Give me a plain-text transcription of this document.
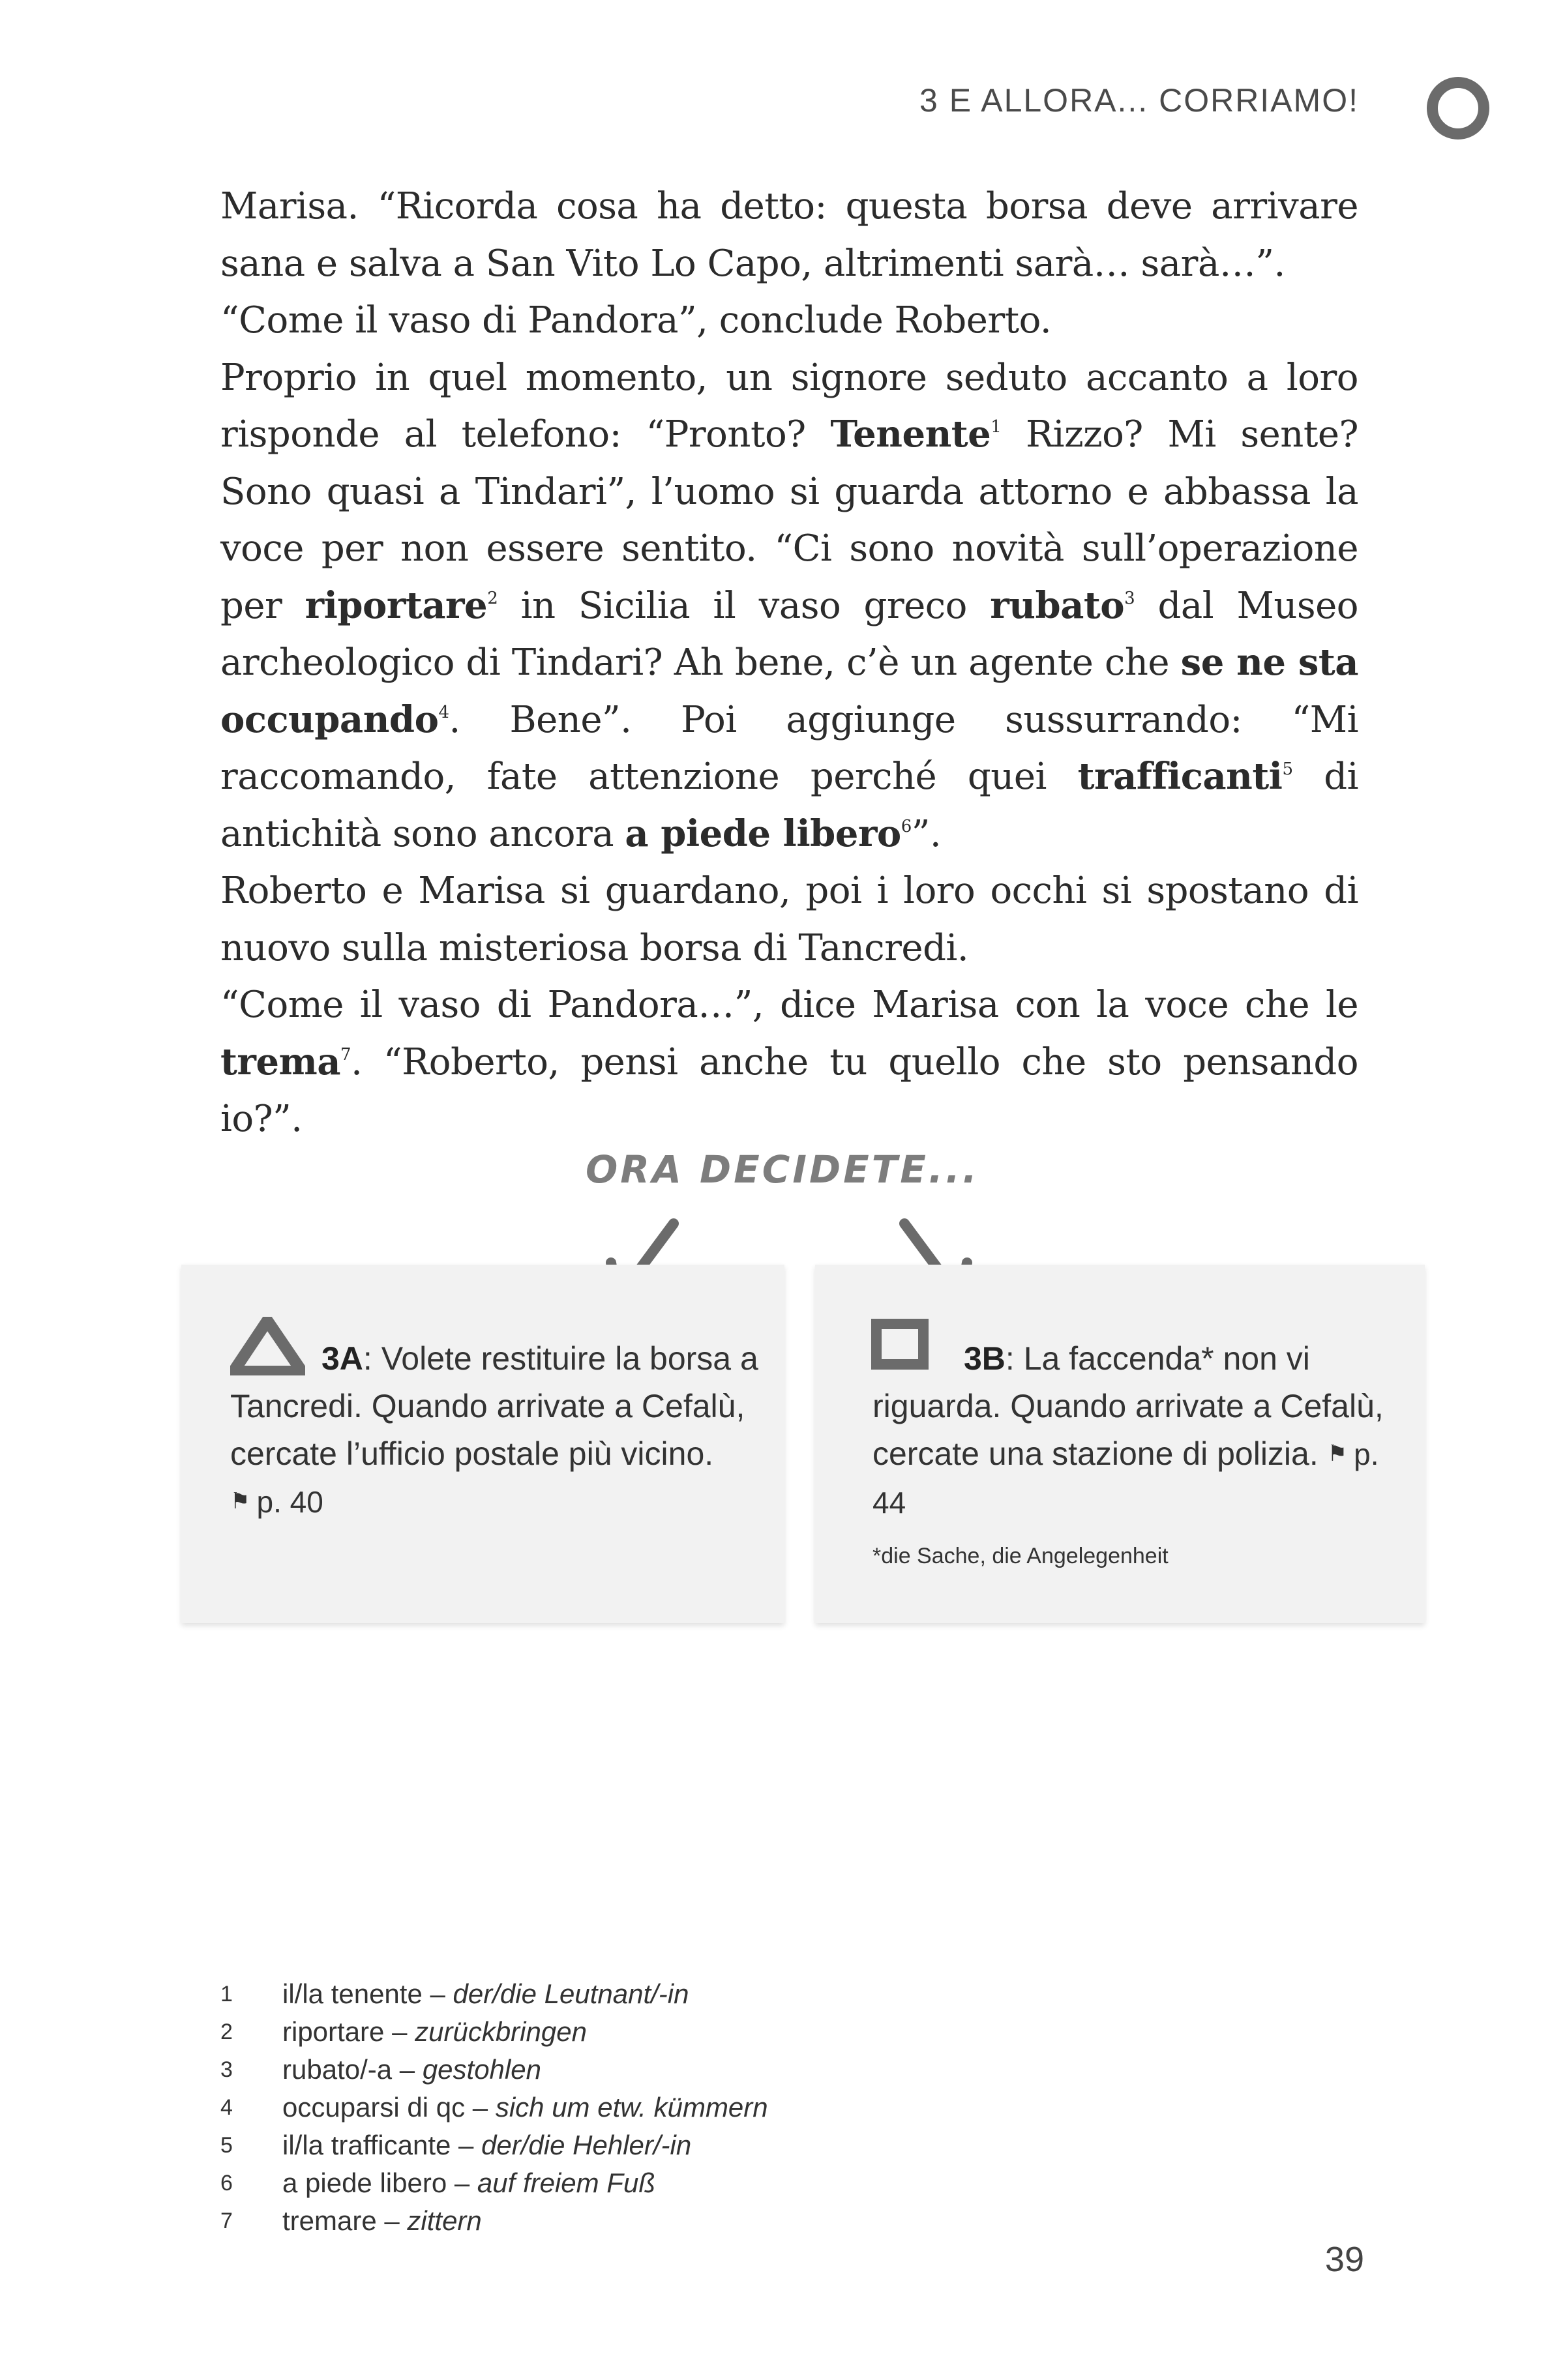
3 E ALLORA... CORRIAMO!

Marisa. “Ricorda cosa ha detto: questa borsa deve arrivare sana e salva a San Vito Lo Capo, altrimenti sarà… sarà…”.

“Come il vaso di Pandora”, conclude Roberto.

Proprio in quel momento, un signore seduto accanto a loro risponde al telefono: “Pronto? Tenente$^1$ Rizzo? Mi sente? Sono quasi a Tindari”, l’uomo si guarda attorno e abbassa la voce per non essere sentito. “Ci sono novità sull’operazione per riportare$^2$ in Sicilia il vaso greco rubato$^3$ dal Museo archeologico di Tindari? Ah bene, c’è un agente che se ne sta occupando$^4$. Bene”. Poi aggiunge sussurrando: “Mi raccomando, fate attenzione perché quei trafficanti$^5$ di antichità sono ancora a piede libero$^6$”.

Roberto e Marisa si guardano, poi i loro occhi si spostano di nuovo sulla misteriosa borsa di Tancredi.

“Come il vaso di Pandora…”, dice Marisa con la voce che le trema$^7$. “Roberto, pensi anche tu quello che sto pensando io?”.

ORA DECIDETE...
3A: Volete restituire la borsa a Tancredi. Quando arrivate a Cefalù, cercate l’ufficio postale più vicino.
⚑ p. 40
3B: La faccenda* non vi riguarda. Quando arrivate a Cefalù, cercate una stazione di polizia. ⚑ p. 44
*die Sache, die Angelegenheit
1	il/la tenente – der/die Leutnant/-in
2	riportare – zurückbringen
3	rubato/-a – gestohlen
4	occuparsi di qc – sich um etw. kümmern
5	il/la trafficante – der/die Hehler/-in
6	a piede libero – auf freiem Fuß
7	tremare – zittern
39
